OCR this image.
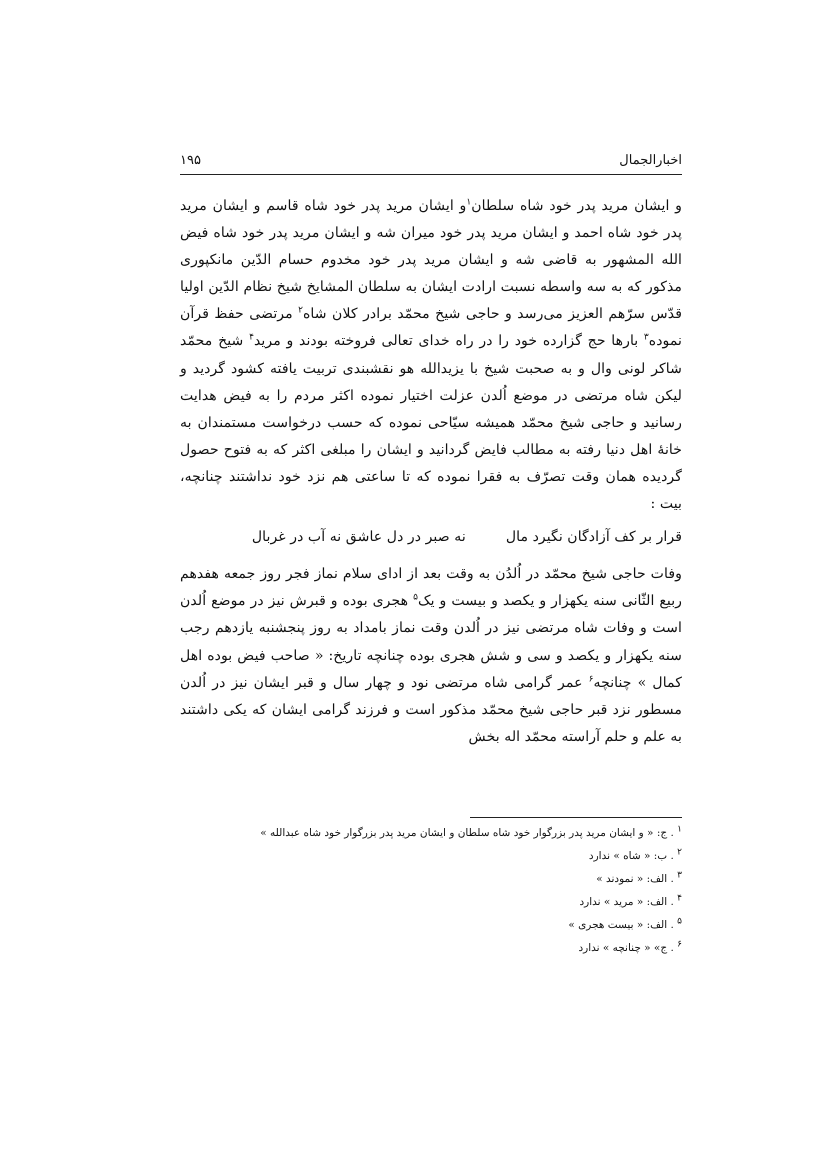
اخبارالجمال
۱۹۵

و ایشان مرید پدر خود شاه سلطان$^۱$و ایشان مرید پدر خود شاه قاسم و ایشان مرید پدر خود شاه احمد و ایشان مرید پدر خود میران شه و ایشان مرید پدر خود شاه فیض الله المشهور به قاضی شه و ایشان مرید پدر خود مخدوم حسام الدّین مانکپوری مذکور که به سه واسطه نسبت ارادت ایشان به سلطان المشایخ شیخ نظام الدّین اولیا قدّس سرّهم العزیز می‌رسد و حاجی شیخ محمّد برادر کلان شاه$^۲$ مرتضی حفظ قرآن نموده$^۳$ بارها حج گزارده خود را در راه خدای تعالی فروخته بودند و مرید$^۴$ شیخ محمّد شاکر لونی وال و به صحبت شیخ با یزیدالله هو نقشبندی تربیت یافته کشود گردید و لیکن شاه مرتضی در موضع اُلدن عزلت اختیار نموده اکثر مردم را به فیض هدایت رسانید و حاجی شیخ محمّد همیشه سیّاحی نموده که حسب درخواست مستمندان به خانهٔ اهل دنیا رفته به مطالب فایض گردانید و ایشان را مبلغی اکثر که به فتوح حصول گردیده همان وقت تصرّف به فقرا نموده که تا ساعتی هم نزد خود نداشتند چنانچه، بیت :

قرار بر کف آزادگان نگیرد مالنه صبر در دل عاشق نه آب در غربال

وفات حاجی شیخ محمّد در اُلدُن به وقت بعد از ادای سلام نماز فجر روز جمعه هفدهم ربیع الثّانی سنه یکهزار و یکصد و بیست و یک$^۵$ هجری بوده و قبرش نیز در موضع اُلدن است و وفات شاه مرتضی نیز در اُلدن وقت نماز بامداد به روز پنجشنبه یازدهم رجب سنه یکهزار و یکصد و سی و شش هجری بوده چنانچه تاریخ: « صاحب فیض بوده اهل کمال » چنانچه$^۶$ عمر گرامی شاه مرتضی نود و چهار سال و قبر ایشان نیز در اُلدن مسطور نزد قبر حاجی شیخ محمّد مذکور است و فرزند گرامی ایشان که یکی داشتند به علم و حلم آراسته محمّد اله بخش

$^۱$ . ج: « و ایشان مرید پدر بزرگوار خود شاه سلطان و ایشان مرید پدر بزرگوار خود شاه عبدالله »
$^۲$ . ب: « شاه » ندارد
$^۳$ . الف: « نمودند »
$^۴$ . الف: « مرید » ندارد
$^۵$ . الف: « بیست هجری »
$^۶$ . ج» « چنانچه » ندارد
